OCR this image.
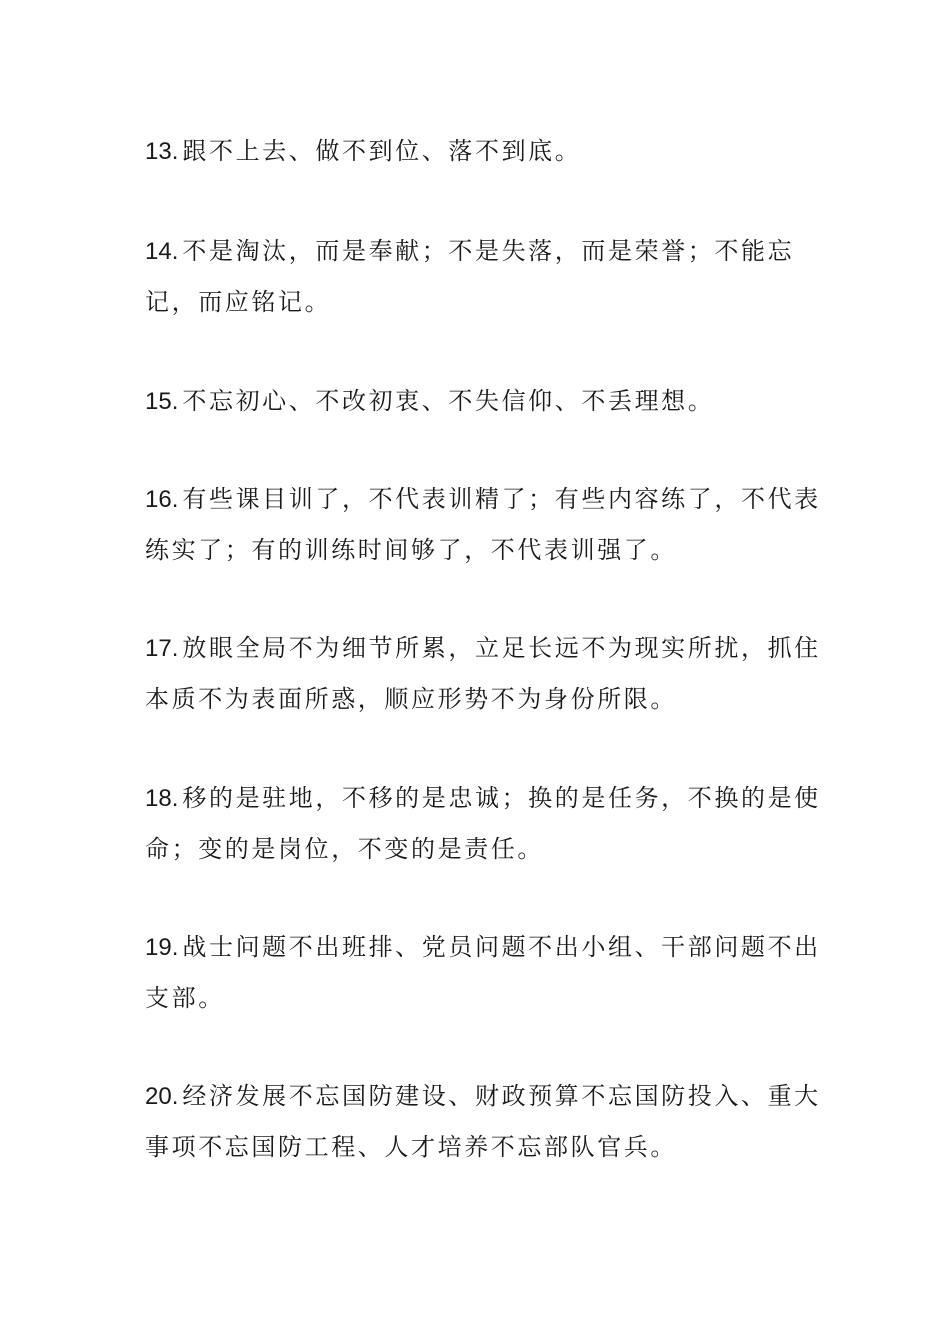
13. 跟不上去、做不到位、落不到底。

14. 不是淘汰，而是奉献；不是失落，而是荣誉；不能忘记，而应铭记。

15. 不忘初心、不改初衷、不失信仰、不丢理想。

16. 有些课目训了，不代表训精了；有些内容练了，不代表练实了；有的训练时间够了，不代表训强了。

17. 放眼全局不为细节所累，立足长远不为现实所扰，抓住本质不为表面所惑，顺应形势不为身份所限。

18. 移的是驻地，不移的是忠诚；换的是任务，不换的是使命；变的是岗位，不变的是责任。

19. 战士问题不出班排、党员问题不出小组、干部问题不出支部。

20. 经济发展不忘国防建设、财政预算不忘国防投入、重大事项不忘国防工程、人才培养不忘部队官兵。
